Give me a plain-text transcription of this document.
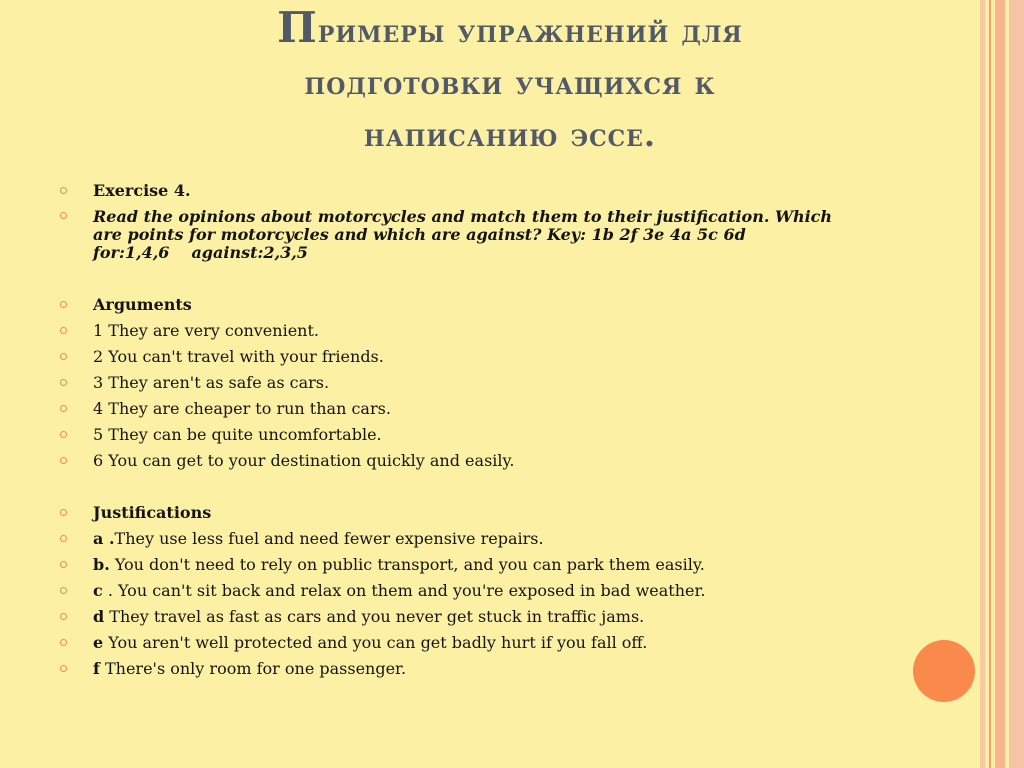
Примеры упражнений для
подготовки учащихся к
написанию эссе.
Exercise 4.
Read the opinions about motorcycles and match them to their justification. Which
are points for motorcycles and which are against? Key: 1b 2f 3e 4a 5c 6d
for:1,4,6 against:2,3,5
Arguments
1 They are very convenient.
2 You can't travel with your friends.
3 They aren't as safe as cars.
4 They are cheaper to run than cars.
5 They can be quite uncomfortable.
6 You can get to your destination quickly and easily.
Justifications
a .They use less fuel and need fewer expensive repairs.
b. You don't need to rely on public transport, and you can park them easily.
c . You can't sit back and relax on them and you're exposed in bad weather.
d They travel as fast as cars and you never get stuck in traffic jams.
e You aren't well protected and you can get badly hurt if you fall off.
f There's only room for one passenger.
